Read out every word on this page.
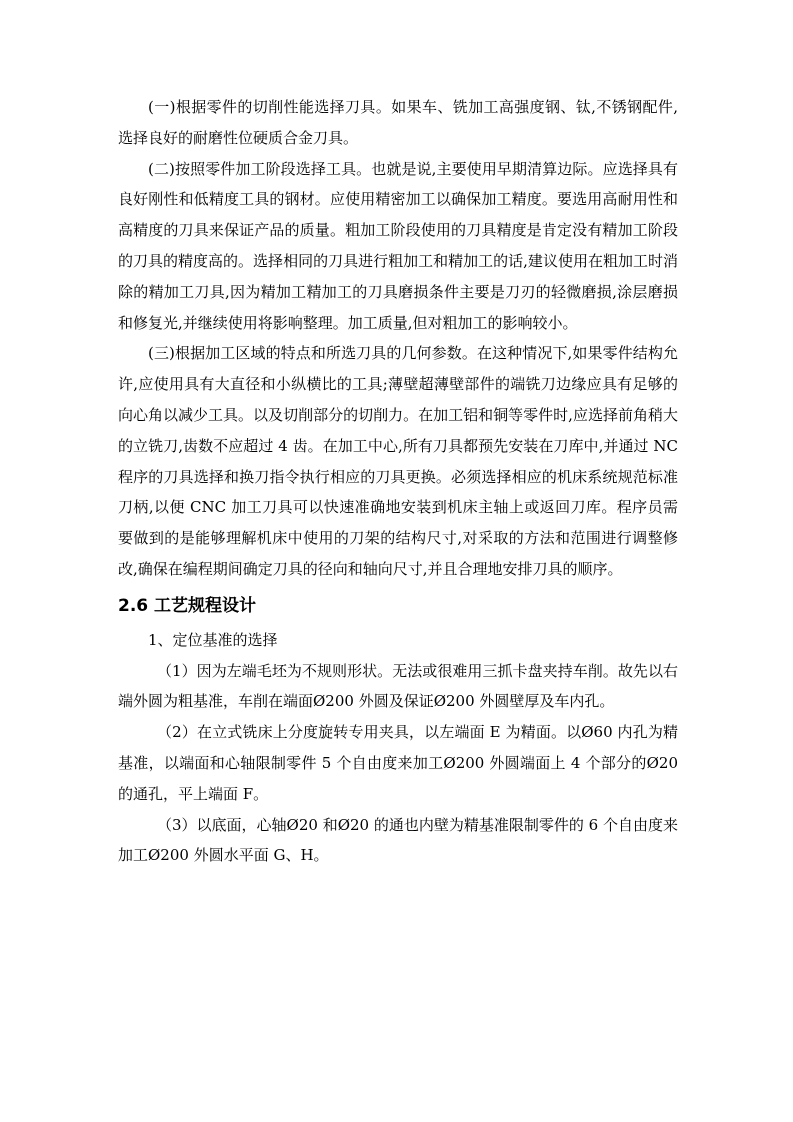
(一)根据零件的切削性能选择刀具。如果车、铣加工高强度钢、钛,不锈钢配件,选择良好的耐磨性位硬质合金刀具。

(二)按照零件加工阶段选择工具。也就是说,主要使用早期清算边际。应选择具有良好刚性和低精度工具的钢材。应使用精密加工以确保加工精度。要选用高耐用性和高精度的刀具来保证产品的质量。粗加工阶段使用的刀具精度是肯定没有精加工阶段的刀具的精度高的。选择相同的刀具进行粗加工和精加工的话,建议使用在粗加工时消除的精加工刀具,因为精加工精加工的刀具磨损条件主要是刀刃的轻微磨损,涂层磨损和修复光,并继续使用将影响整理。加工质量,但对粗加工的影响较小。

(三)根据加工区域的特点和所选刀具的几何参数。在这种情况下,如果零件结构允许,应使用具有大直径和小纵横比的工具;薄壁超薄壁部件的端铣刀边缘应具有足够的向心角以减少工具。以及切削部分的切削力。在加工铝和铜等零件时,应选择前角稍大的立铣刀,齿数不应超过 4 齿。在加工中心,所有刀具都预先安装在刀库中,并通过 NC 程序的刀具选择和换刀指令执行相应的刀具更换。必须选择相应的机床系统规范标准刀柄,以便 CNC 加工刀具可以快速准确地安装到机床主轴上或返回刀库。程序员需要做到的是能够理解机床中使用的刀架的结构尺寸,对采取的方法和范围进行调整修改,确保在编程期间确定刀具的径向和轴向尺寸,并且合理地安排刀具的顺序。

2.6 工艺规程设计

1、定位基准的选择

（1）因为左端毛坯为不规则形状。无法或很难用三抓卡盘夹持车削。故先以右端外圆为粗基准，车削在端面Ø200 外圆及保证Ø200 外圆壁厚及车内孔。

（2）在立式铣床上分度旋转专用夹具，以左端面 E 为精面。以Ø60 内孔为精基准，以端面和心轴限制零件 5 个自由度来加工Ø200 外圆端面上 4 个部分的Ø20 的通孔，平上端面 F。

（3）以底面，心轴Ø20 和Ø20 的通也内壁为精基准限制零件的 6 个自由度来加工Ø200 外圆水平面 G、H。
